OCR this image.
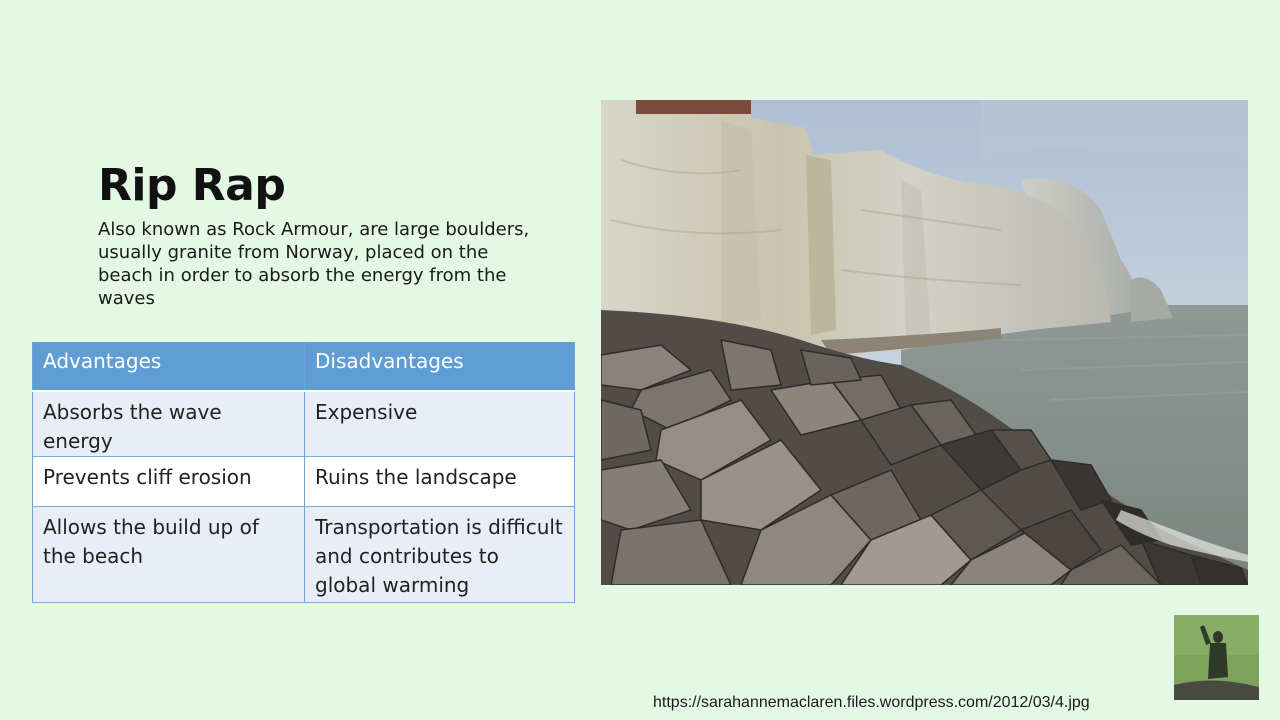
Rip Rap

Also known as Rock Armour, are large boulders, usually granite from Norway, placed on the beach in order to absorb the energy from the waves

Advantages	Disadvantages
Absorbs the wave energy	Expensive
Prevents cliff erosion	Ruins the landscape
Allows the build up of the beach	Transportation is difficult and contributes to global warming
https://sarahannemaclaren.files.wordpress.com/2012/03/4.jpg
